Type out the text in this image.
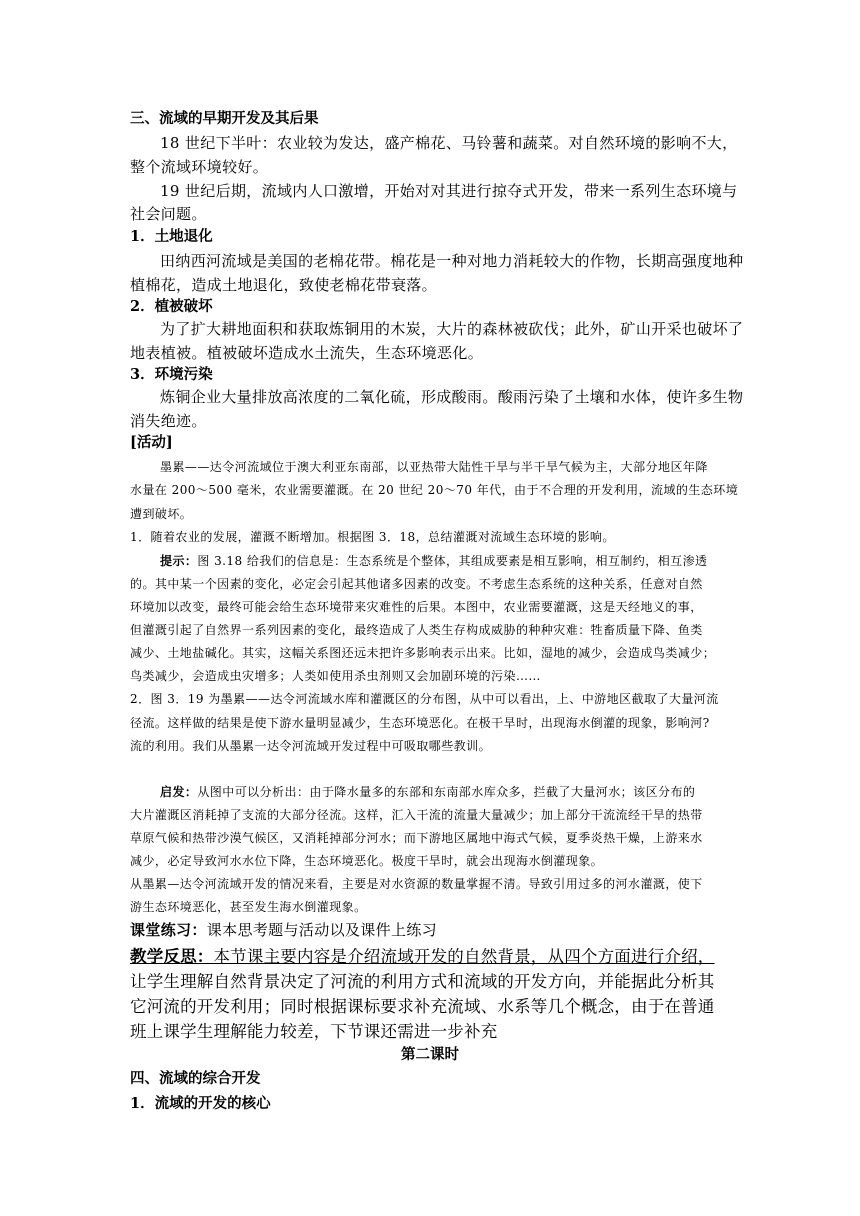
三、流域的早期开发及其后果
18 世纪下半叶：农业较为发达，盛产棉花、马铃薯和蔬菜。对自然环境的影响不大，
整个流域环境较好。
19 世纪后期，流域内人口激增，开始对对其进行掠夺式开发，带来一系列生态环境与
社会问题。
1．土地退化
田纳西河流域是美国的老棉花带。棉花是一种对地力消耗较大的作物，长期高强度地种
植棉花，造成土地退化，致使老棉花带衰落。
2．植被破坏
为了扩大耕地面积和获取炼铜用的木炭，大片的森林被砍伐；此外，矿山开采也破坏了
地表植被。植被破坏造成水土流失，生态环境恶化。
3．环境污染
炼铜企业大量排放高浓度的二氧化硫，形成酸雨。酸雨污染了土壤和水体，使许多生物
消失绝迹。
[活动]
墨累——达令河流域位于澳大利亚东南部，以亚热带大陆性干旱与半干旱气候为主，大部分地区年降
水量在 200～500 毫米，农业需要灌溉。在 20 世纪 20～70 年代，由于不合理的开发利用，流域的生态环境
遭到破坏。
1．随着农业的发展，灌溉不断增加。根据图 3．18，总结灌溉对流域生态环境的影响。
提示：图 3.18 给我们的信息是：生态系统是个整体，其组成要素是相互影响，相互制约，相互渗透
的。其中某一个因素的变化，必定会引起其他诸多因素的改变。不考虑生态系统的这种关系，任意对自然
环境加以改变，最终可能会给生态环境带来灾难性的后果。本图中，农业需要灌溉，这是天经地义的事，
但灌溉引起了自然界一系列因素的变化，最终造成了人类生存构成威胁的种种灾难：牲畜质量下降、鱼类
减少、土地盐碱化。其实，这幅关系图还远未把许多影响表示出来。比如，湿地的减少，会造成鸟类减少；
鸟类减少，会造成虫灾增多；人类如使用杀虫剂则又会加剧环境的污染……
2．图 3．19 为墨累——达令河流域水库和灌溉区的分布图，从中可以看出，上、中游地区截取了大量河流
径流。这样做的结果是使下游水量明显减少，生态环境恶化。在极干旱时，出现海水倒灌的现象，影响河?
流的利用。我们从墨累一达令河流域开发过程中可吸取哪些教训。
启发：从图中可以分析出：由于降水量多的东部和东南部水库众多，拦截了大量河水；该区分布的
大片灌溉区消耗掉了支流的大部分径流。这样，汇入干流的流量大量减少；加上部分干流流经干旱的热带
草原气候和热带沙漠气候区，又消耗掉部分河水；而下游地区属地中海式气候，夏季炎热干燥，上游来水
减少，必定导致河水水位下降，生态环境恶化。极度干旱时，就会出现海水倒灌现象。
从墨累—达令河流域开发的情况来看，主要是对水资源的数量掌握不清。导致引用过多的河水灌溉，使下
游生态环境恶化，甚至发生海水倒灌现象。
课堂练习：课本思考题与活动以及课件上练习
教学反思：本节课主要内容是介绍流域开发的自然背景，从四个方面进行介绍，
让学生理解自然背景决定了河流的利用方式和流域的开发方向，并能据此分析其
它河流的开发利用；同时根据课标要求补充流域、水系等几个概念，由于在普通
班上课学生理解能力较差，下节课还需进一步补充
第二课时
四、流域的综合开发
1．流域的开发的核心
